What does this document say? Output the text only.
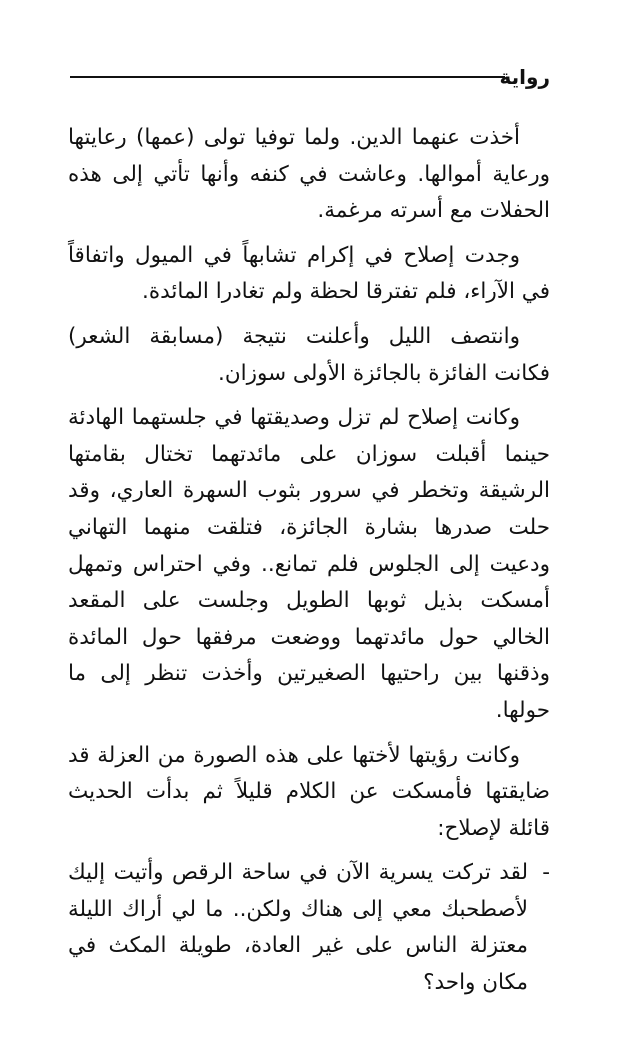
رواية

أخذت عنهما الدين. ولما توفيا تولى (عمها) رعايتها ورعاية أموالها. وعاشت في كنفه وأنها تأتي إلى هذه الحفلات مع أسرته مرغمة.

وجدت إصلاح في إكرام تشابهاً في الميول واتفاقاً في الآراء، فلم تفترقا لحظة ولم تغادرا المائدة.

وانتصف الليل وأعلنت نتيجة (مسابقة الشعر) فكانت الفائزة بالجائزة الأولى سوزان.

وكانت إصلاح لم تزل وصديقتها في جلستهما الهادئة حينما أقبلت سوزان على مائدتهما تختال بقامتها الرشيقة وتخطر في سرور بثوب السهرة العاري، وقد حلت صدرها بشارة الجائزة، فتلقت منهما التهاني ودعيت إلى الجلوس فلم تمانع.. وفي احتراس وتمهل أمسكت بذيل ثوبها الطويل وجلست على المقعد الخالي حول مائدتهما ووضعت مرفقها حول المائدة وذقنها بين راحتيها الصغيرتين وأخذت تنظر إلى ما حولها.

وكانت رؤيتها لأختها على هذه الصورة من العزلة قد ضايقتها فأمسكت عن الكلام قليلاً ثم بدأت الحديث قائلة لإصلاح:

-
لقد تركت يسرية الآن في ساحة الرقص وأتيت إليك لأصطحبك معي إلى هناك ولكن.. ما لي أراك الليلة معتزلة الناس على غير العادة، طويلة المكث في مكان واحد؟
